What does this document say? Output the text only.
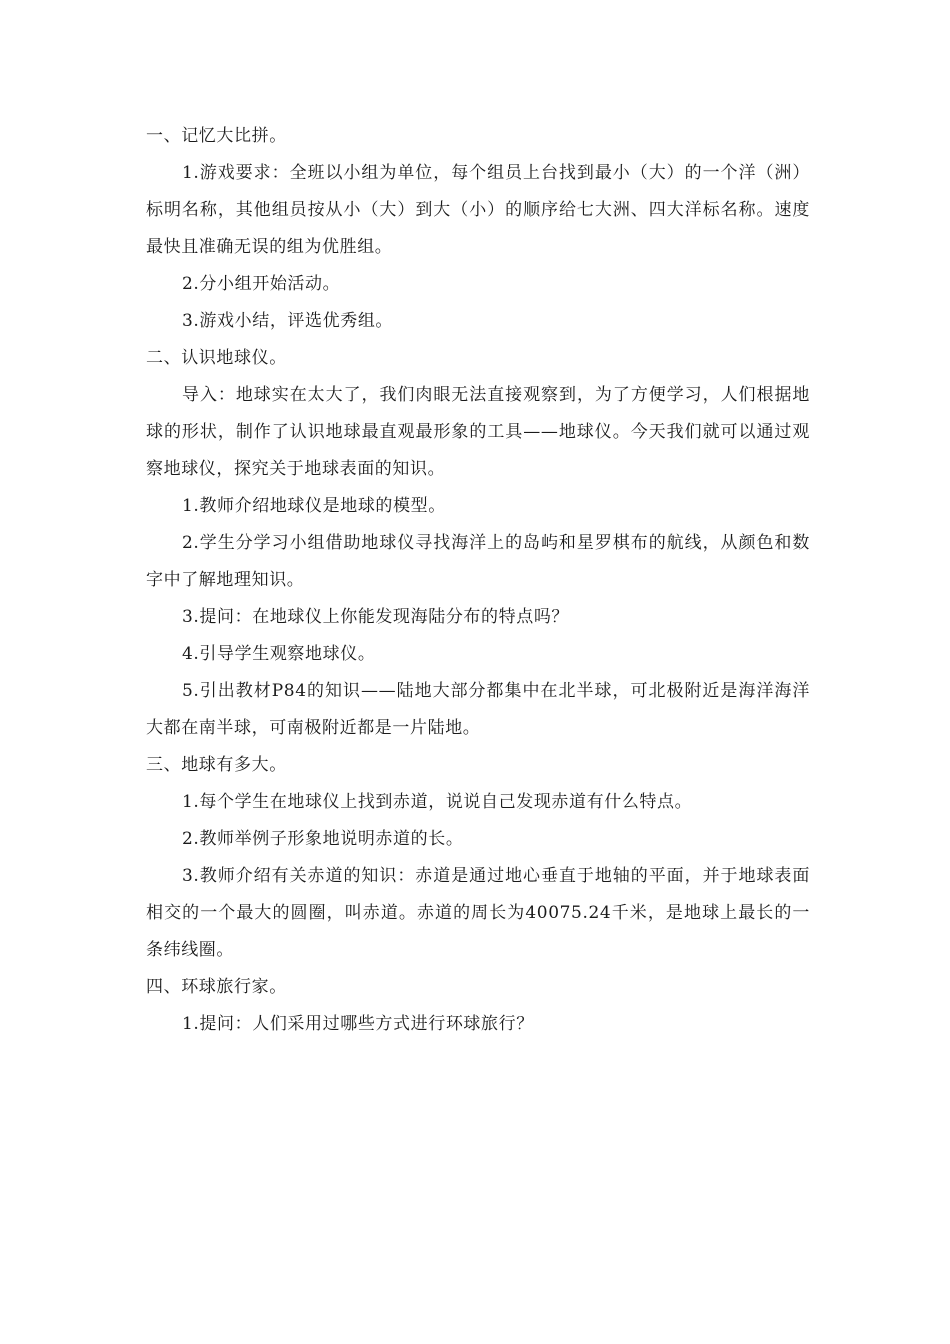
一、记忆大比拼。

1.游戏要求：全班以小组为单位，每个组员上台找到最小（大）的一个洋（洲）标明名称，其他组员按从小（大）到大（小）的顺序给七大洲、四大洋标名称。速度最快且准确无误的组为优胜组。

2.分小组开始活动。

3.游戏小结，评选优秀组。

二、认识地球仪。

导入：地球实在太大了，我们肉眼无法直接观察到，为了方便学习，人们根据地球的形状，制作了认识地球最直观最形象的工具——地球仪。今天我们就可以通过观察地球仪，探究关于地球表面的知识。

1.教师介绍地球仪是地球的模型。

2.学生分学习小组借助地球仪寻找海洋上的岛屿和星罗棋布的航线，从颜色和数字中了解地理知识。

3.提问：在地球仪上你能发现海陆分布的特点吗？

4.引导学生观察地球仪。

5.引出教材P84的知识——陆地大部分都集中在北半球，可北极附近是海洋海洋大都在南半球，可南极附近都是一片陆地。

三、地球有多大。

1.每个学生在地球仪上找到赤道，说说自己发现赤道有什么特点。

2.教师举例子形象地说明赤道的长。

3.教师介绍有关赤道的知识：赤道是通过地心垂直于地轴的平面，并于地球表面相交的一个最大的圆圈，叫赤道。赤道的周长为40075.24千米，是地球上最长的一条纬线圈。

四、环球旅行家。

1.提问：人们采用过哪些方式进行环球旅行？
